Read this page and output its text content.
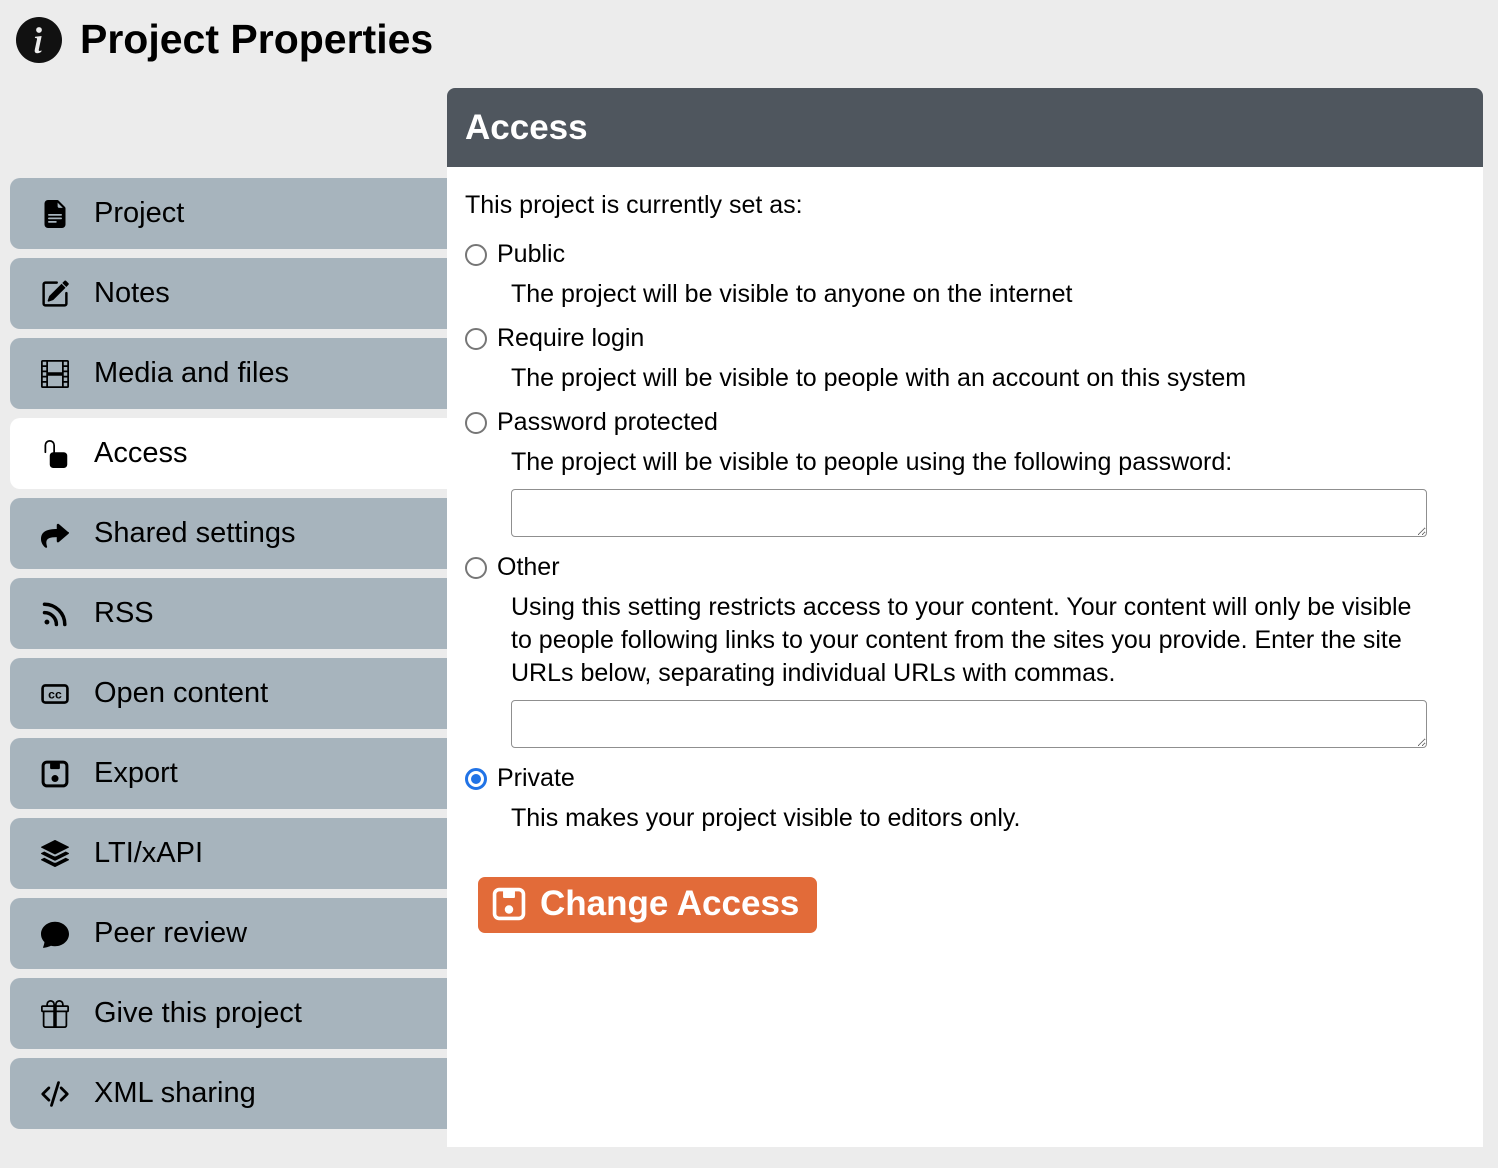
Project Properties
Access
This project is currently set as:
Public
The project will be visible to anyone on the internet
Require login
The project will be visible to people with an account on this system
Password protected
The project will be visible to people using the following password:
Other
Using this setting restricts access to your content. Your content will only be visible to people following links to your content from the sites you provide. Enter the site URLs below, separating individual URLs with commas.
Private
This makes your project visible to editors only.
Change Access
Project
Notes
Media and files
Access
Shared settings
RSS
cc Open content
Export
LTI/xAPI
Peer review
Give this project
XML sharing
